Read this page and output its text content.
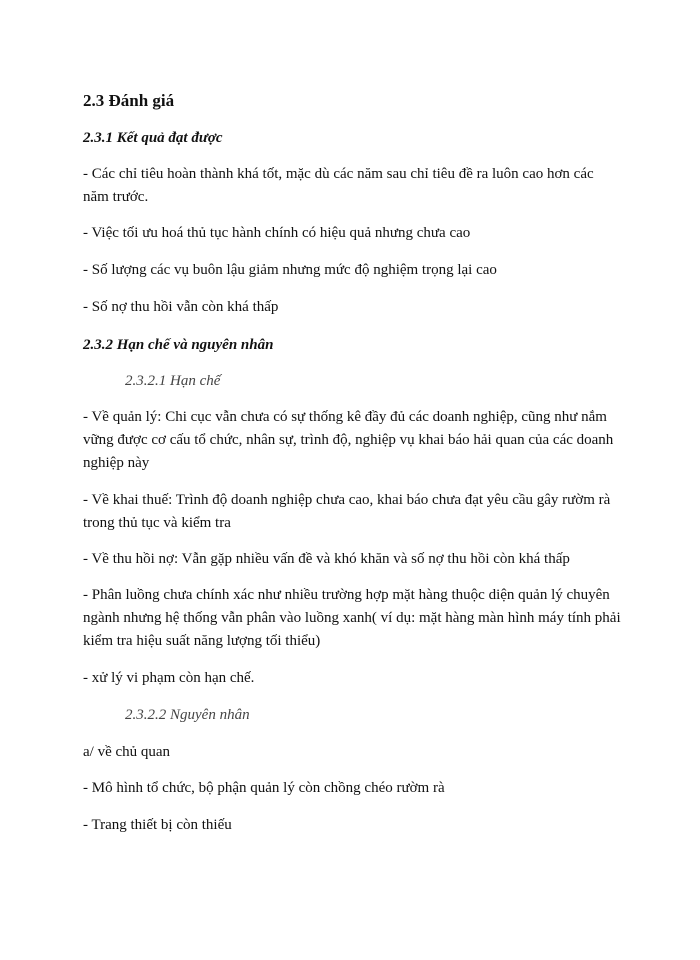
2.3 Đánh giá

2.3.1 Kết quả đạt được

- Các chỉ tiêu hoàn thành khá tốt, mặc dù các năm sau chỉ tiêu đề ra luôn cao hơn các năm trước.

- Việc tối ưu hoá thủ tục hành chính có hiệu quả nhưng chưa cao

- Số lượng các vụ buôn lậu giảm nhưng mức độ nghiệm trọng lại cao

- Số nợ thu hồi vẫn còn khá thấp

2.3.2 Hạn chế và nguyên nhân

2.3.2.1 Hạn chế

- Về quản lý: Chi cục vẫn chưa có sự thống kê đầy đủ các doanh nghiệp, cũng như nắm vững được cơ cấu tổ chức, nhân sự, trình độ, nghiệp vụ khai báo hải quan của các doanh nghiệp này

- Về khai thuế: Trình độ doanh nghiệp chưa cao, khai báo chưa đạt yêu cầu gây rườm rà trong thủ tục và kiểm tra

- Về thu hồi nợ: Vẫn gặp nhiều vấn đề và khó khăn và số nợ thu hồi còn khá thấp

- Phân luồng chưa chính xác như nhiều trường hợp mặt hàng thuộc diện quản lý chuyên ngành nhưng hệ thống vẫn phân vào luồng xanh( ví dụ: mặt hàng màn hình máy tính phải kiểm tra hiệu suất năng lượng tối thiểu)

- xử lý vi phạm còn hạn chế.

2.3.2.2 Nguyên nhân

a/ về chủ quan

- Mô hình tổ chức, bộ phận quản lý còn chồng chéo rườm rà

- Trang thiết bị còn thiếu
